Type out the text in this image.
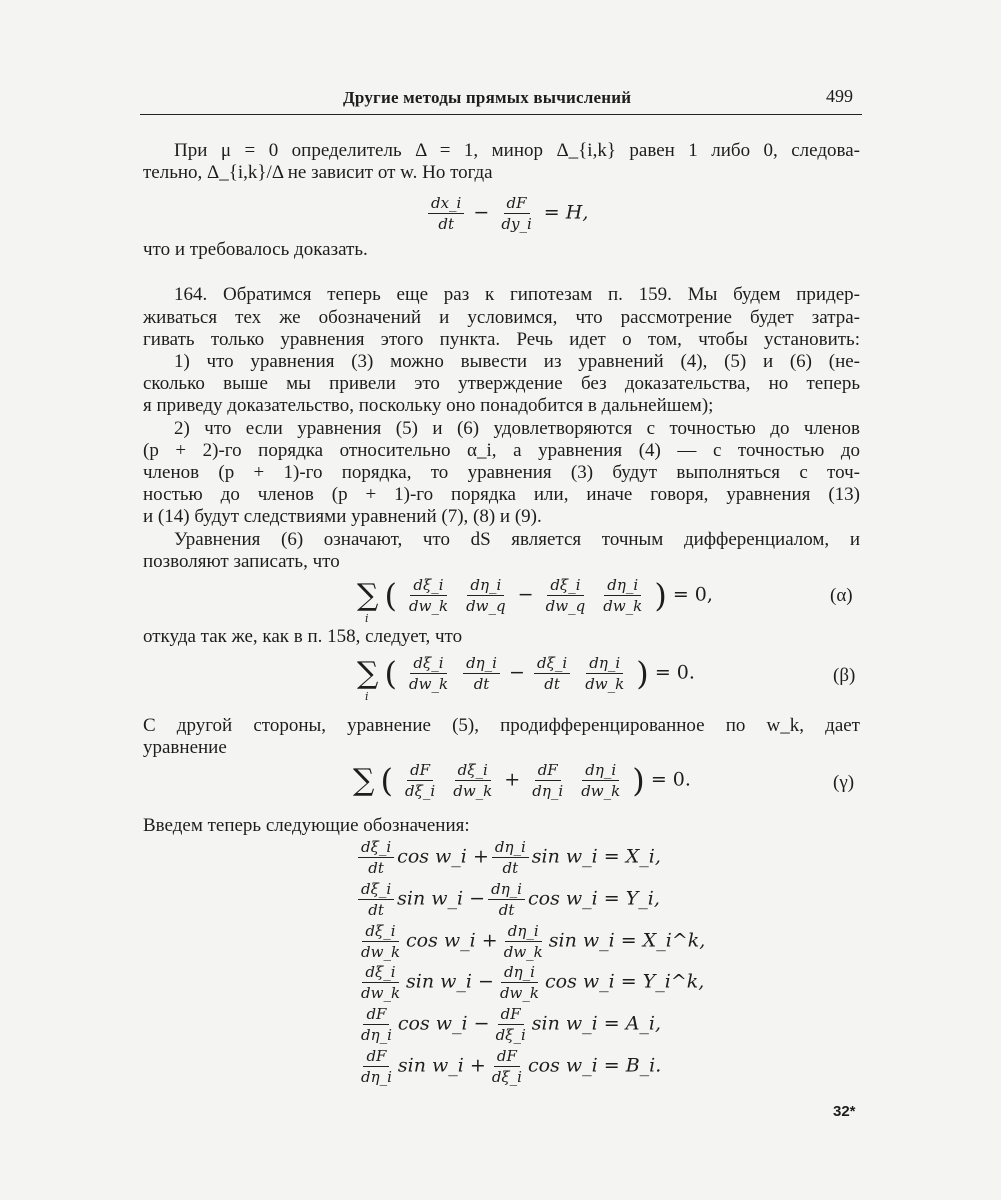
Другие методы прямых вычислений	499
При μ = 0 определитель Δ = 1, минор Δ_{i,k} равен 1 либо 0, следова-
тельно, Δ_{i,k}/Δ не зависит от w. Но тогда
$\frac{dx\_i}{dt} - \frac{dF}{dy\_i} = H$,
что и требовалось доказать.
164. Обратимся теперь еще раз к гипотезам п. 159. Мы будем придер-
живаться тех же обозначений и условимся, что рассмотрение будет затра-
гивать только уравнения этого пункта. Речь идет о том, чтобы установить:
1) что уравнения (3) можно вывести из уравнений (4), (5) и (6) (не-
сколько выше мы привели это утверждение без доказательства, но теперь
я приведу доказательство, поскольку оно понадобится в дальнейшем);
2) что если уравнения (5) и (6) удовлетворяются с точностью до членов
(p + 2)-го порядка относительно α_i, а уравнения (4) — с точностью до
членов (p + 1)-го порядка, то уравнения (3) будут выполняться с точ-
ностью до членов (p + 1)-го порядка или, иначе говоря, уравнения (13)
и (14) будут следствиями уравнений (7), (8) и (9).
Уравнения (6) означают, что dS является точным дифференциалом, и
позволяют записать, что
∑
i
( $\frac{d\xi\_i}{dw\_k}$
$\frac{d\eta\_i}{dw\_q} - \frac{d\xi\_i}{dw\_q}$
$\frac{d\eta\_i}{dw\_k}$ ) = 0,	(α)
откуда так же, как в п. 158, следует, что
∑
i
( $\frac{d\xi\_i}{dw\_k}$
$\frac{d\eta\_i}{dt} - \frac{d\xi\_i}{dt}$
$\frac{d\eta\_i}{dw\_k}$ ) = 0.	(β)
С другой стороны, уравнение (5), продифференцированное по w_k, дает
уравнение
∑ ( $\frac{dF}{d\xi\_i}$
$\frac{d\xi\_i}{dw\_k} + \frac{dF}{d\eta\_i}$
$\frac{d\eta\_i}{dw\_k}$ ) = 0.	(γ)
Введем теперь следующие обозначения:
$\frac{d\xi\_i}{dt}$ cos w_i + $\frac{d\eta\_i}{dt}$ sin w_i = X_i,
$\frac{d\xi\_i}{dt}$ sin w_i − $\frac{d\eta\_i}{dt}$ cos w_i = Y_i,
$\frac{d\xi\_i}{dw\_k}$ cos w_i + $\frac{d\eta\_i}{dw\_k}$ sin w_i = X_i^k,
$\frac{d\xi\_i}{dw\_k}$ sin w_i − $\frac{d\eta\_i}{dw\_k}$ cos w_i = Y_i^k,
$\frac{dF}{d\eta\_i}$ cos w_i − $\frac{dF}{d\xi\_i}$ sin w_i = A_i,
$\frac{dF}{d\eta\_i}$ sin w_i + $\frac{dF}{d\xi\_i}$ cos w_i = B_i.
32*
